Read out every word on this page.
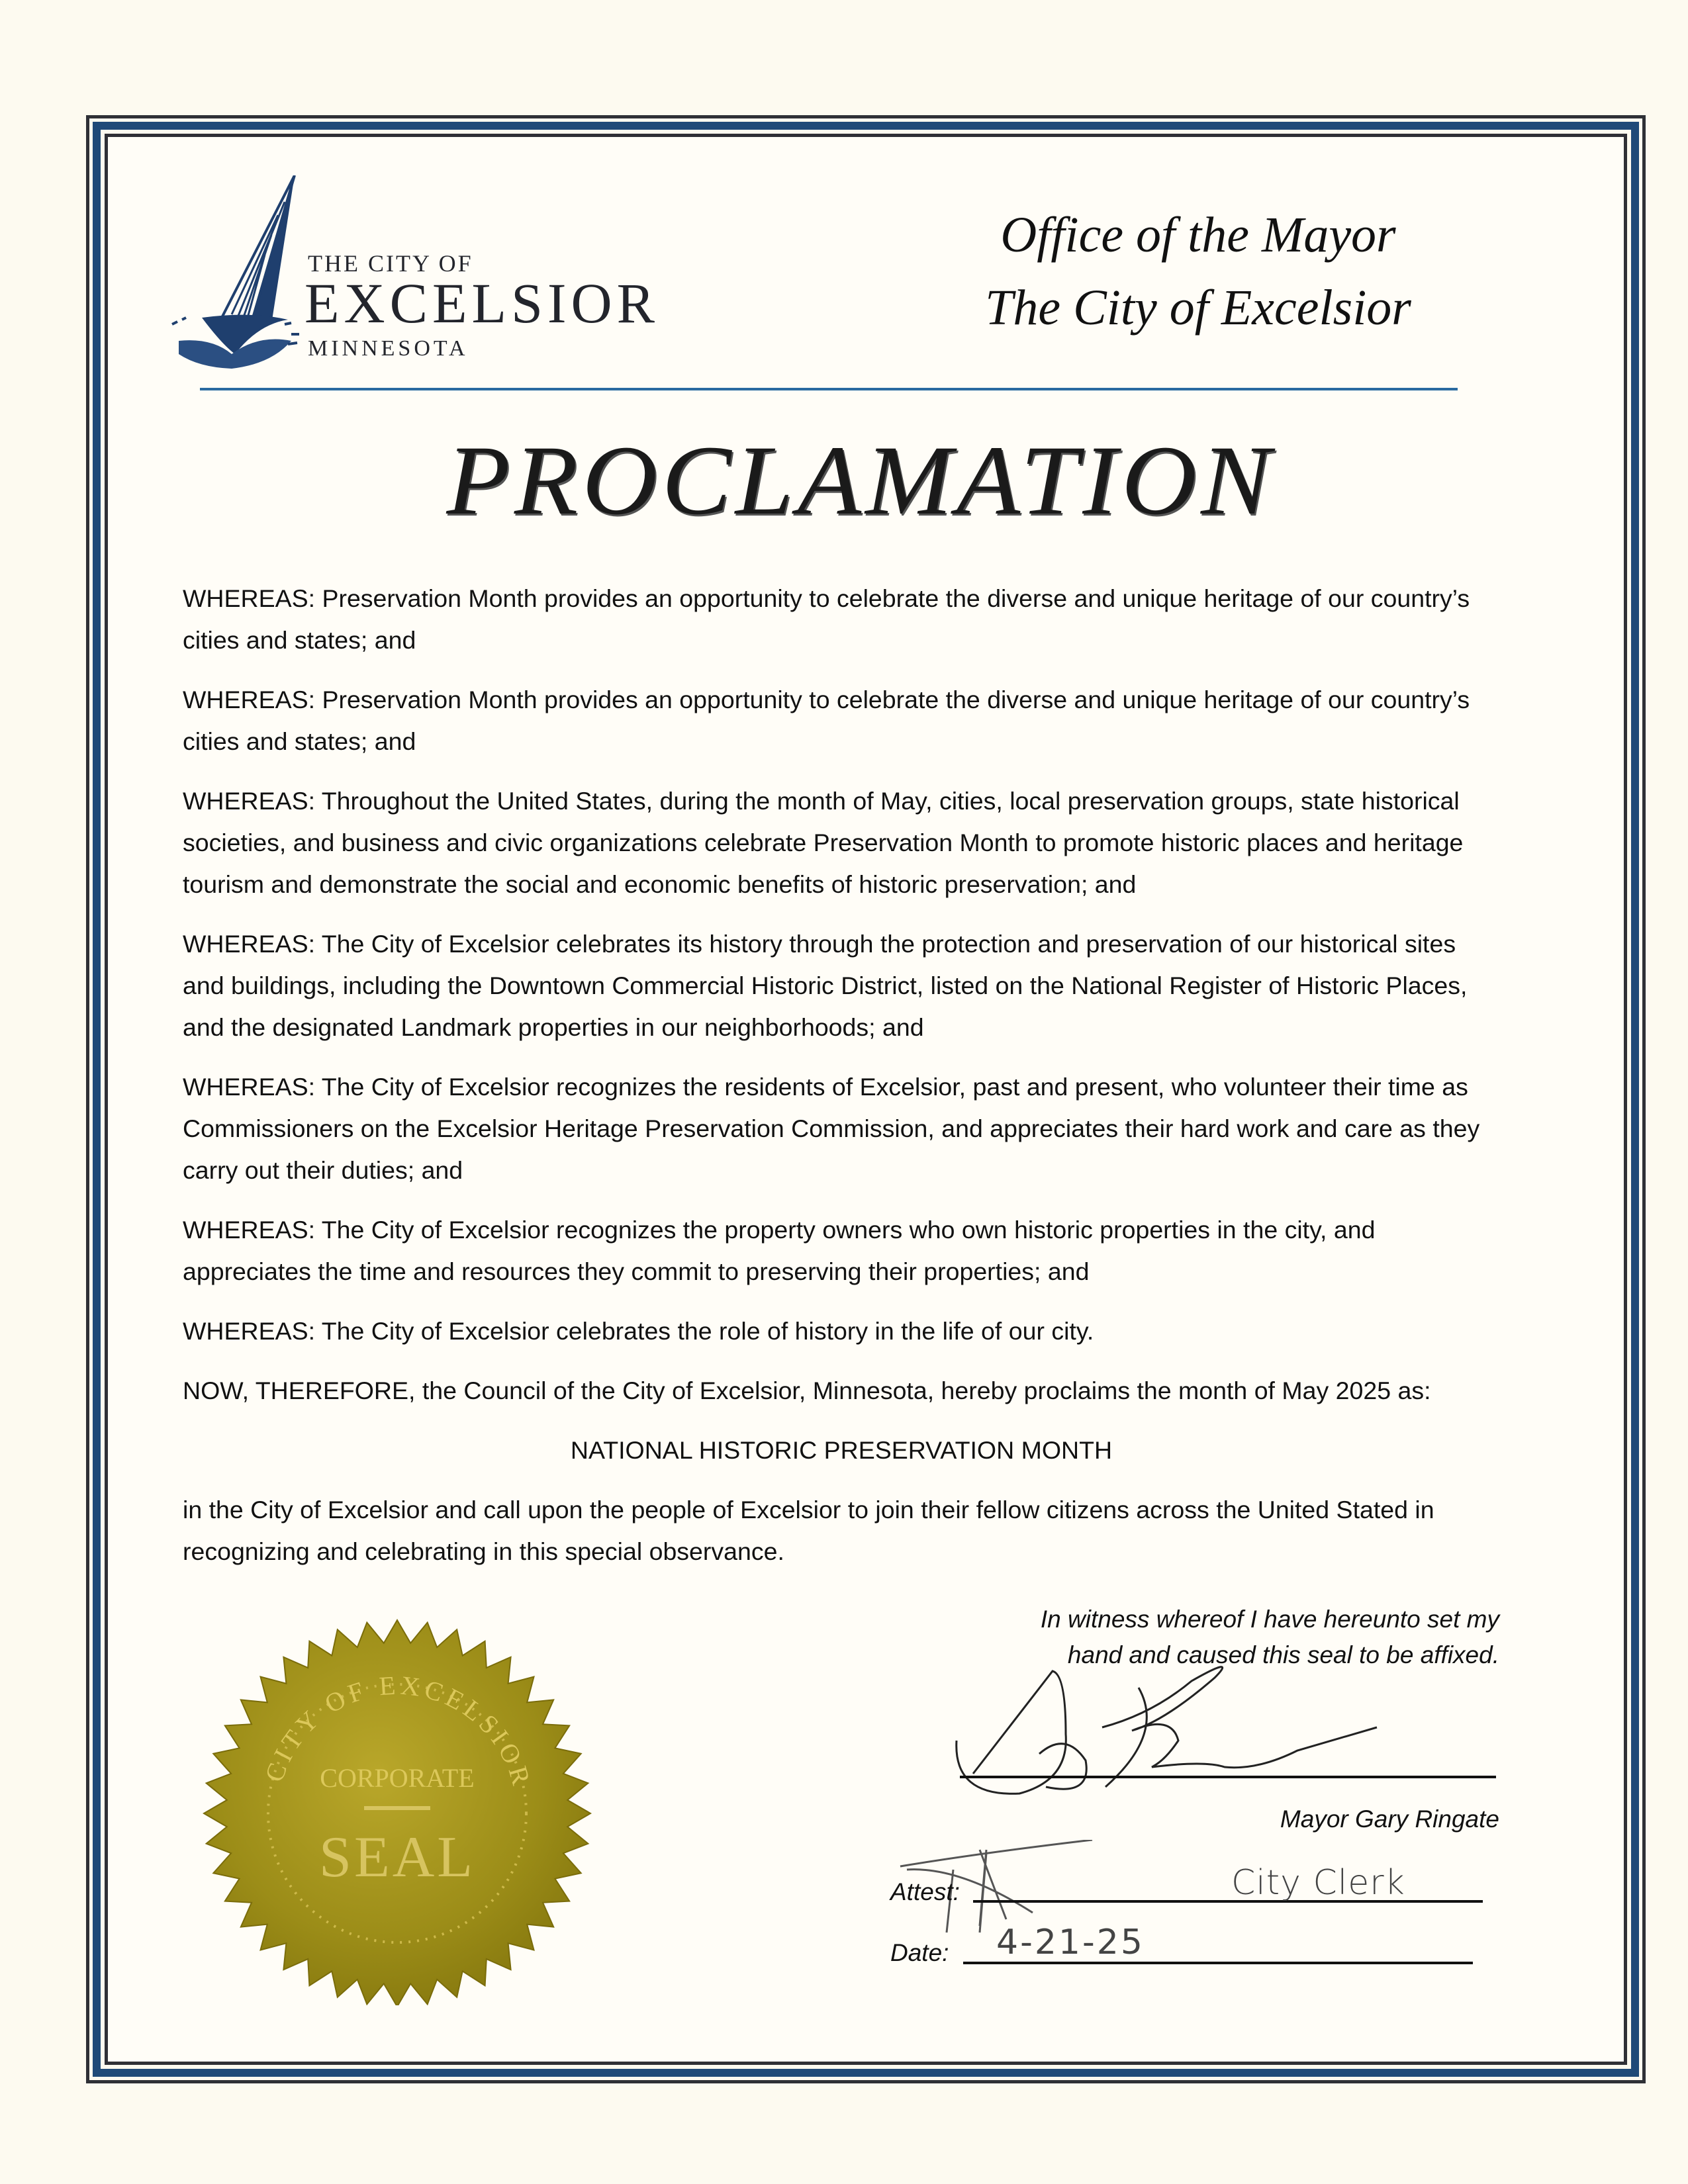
THE CITY OF
EXCELSIOR
MINNESOTA
Office of the Mayor
The City of Excelsior
PROCLAMATION

WHEREAS: Preservation Month provides an opportunity to celebrate the diverse and unique heritage of our country’s cities and states; and

WHEREAS: Preservation Month provides an opportunity to celebrate the diverse and unique heritage of our country’s cities and states; and

WHEREAS: Throughout the United States, during the month of May, cities, local preservation groups, state historical societies, and business and civic organizations celebrate Preservation Month to promote historic places and heritage tourism and demonstrate the social and economic benefits of historic preservation; and

WHEREAS: The City of Excelsior celebrates its history through the protection and preservation of our historical sites and buildings, including the Downtown Commercial Historic District, listed on the National Register of Historic Places, and the designated Landmark properties in our neighborhoods; and

WHEREAS: The City of Excelsior recognizes the residents of Excelsior, past and present, who volunteer their time as Commissioners on the Excelsior Heritage Preservation Commission, and appreciates their hard work and care as they carry out their duties; and

WHEREAS: The City of Excelsior recognizes the property owners who own historic properties in the city, and appreciates the time and resources they commit to preserving their properties; and

WHEREAS: The City of Excelsior celebrates the role of history in the life of our city.

NOW, THEREFORE, the Council of the City of Excelsior, Minnesota, hereby proclaims the month of May 2025 as:

NATIONAL HISTORIC PRESERVATION MONTH

in the City of Excelsior and call upon the people of Excelsior to join their fellow citizens across the United Stated in recognizing and celebrating in this special observance.

CITY OF EXCELSIOR
CORPORATE
SEAL
In witness whereof I have hereunto set my
hand and caused this seal to be affixed.
Mayor Gary Ringate
Attest:	City Clerk
Date: 4-21-25
